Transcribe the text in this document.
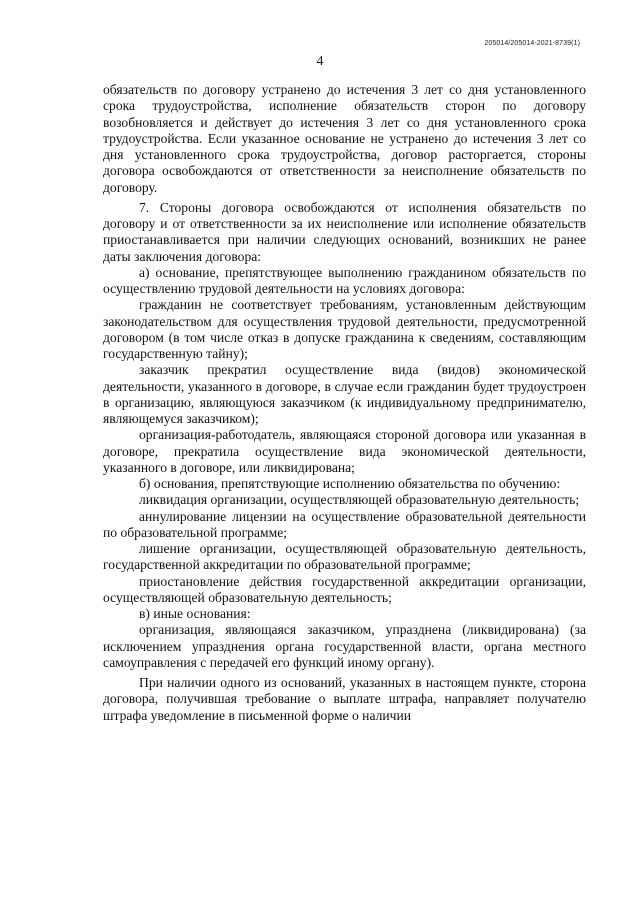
205014/205014-2021-8739(1)
4

обязательств по договору устранено до истечения 3 лет со дня установленного срока трудоустройства, исполнение обязательств сторон по договору возобновляется и действует до истечения 3 лет со дня установленного срока трудоустройства. Если указанное основание не устранено до истечения 3 лет со дня установленного срока трудоустройства, договор расторгается, стороны договора освобождаются от ответственности за неисполнение обязательств по договору.

7. Стороны договора освобождаются от исполнения обязательств по договору и от ответственности за их неисполнение или исполнение обязательств приостанавливается при наличии следующих оснований, возникших не ранее даты заключения договора:

а) основание, препятствующее выполнению гражданином обязательств по осуществлению трудовой деятельности на условиях договора:

гражданин не соответствует требованиям, установленным действующим законодательством для осуществления трудовой деятельности, предусмотренной договором (в том числе отказ в допуске гражданина к сведениям, составляющим государственную тайну);

заказчик прекратил осуществление вида (видов) экономической деятельности, указанного в договоре, в случае если гражданин будет трудоустроен в организацию, являющуюся заказчиком (к индивидуальному предпринимателю, являющемуся заказчиком);

организация-работодатель, являющаяся стороной договора или указанная в договоре, прекратила осуществление вида экономической деятельности, указанного в договоре, или ликвидирована;

б) основания, препятствующие исполнению обязательства по обучению:

ликвидация организации, осуществляющей образовательную деятельность;

аннулирование лицензии на осуществление образовательной деятельности по образовательной программе;

лишение организации, осуществляющей образовательную деятельность, государственной аккредитации по образовательной программе;

приостановление действия государственной аккредитации организации, осуществляющей образовательную деятельность;

в) иные основания:

организация, являющаяся заказчиком, упразднена (ликвидирована) (за исключением упразднения органа государственной власти, органа местного самоуправления с передачей его функций иному органу).

При наличии одного из оснований, указанных в настоящем пункте, сторона договора, получившая требование о выплате штрафа, направляет получателю штрафа уведомление в письменной форме о наличии
